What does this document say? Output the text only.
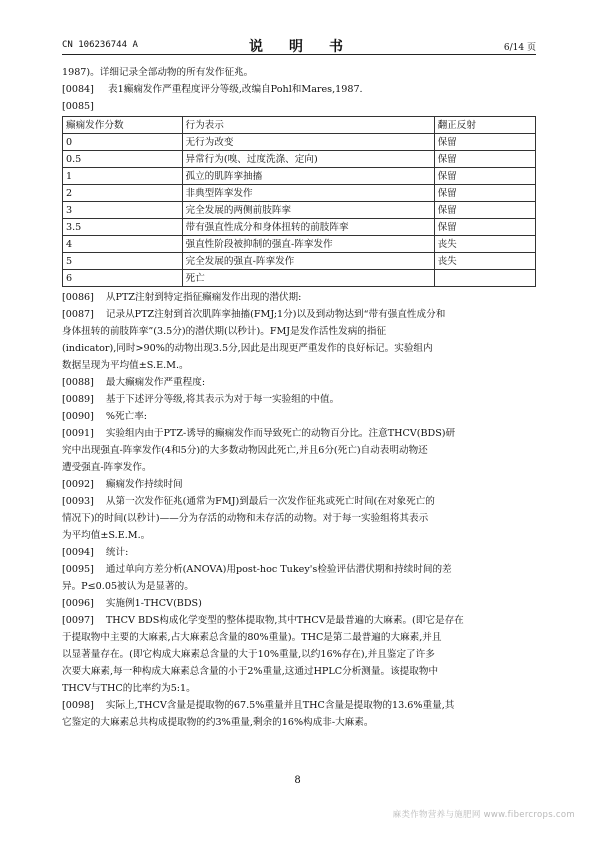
CN 106236744 A	说　明　书	6/14 页
1987)。详细记录全部动物的所有发作征兆。
[0084] 表1癫痫发作严重程度评分等级,改编自Pohl和Mares,1987.
[0085]
癫痫发作分数	行为表示	翻正反射
0	无行为改变	保留
0.5	异常行为(嗅、过度洗涤、定向)	保留
1	孤立的肌阵挛抽搐	保留
2	非典型阵挛发作	保留
3	完全发展的两侧前肢阵挛	保留
3.5	带有强直性成分和身体扭转的前肢阵挛	保留
4	强直性阶段被抑制的强直-阵挛发作	丧失
5	完全发展的强直-阵挛发作	丧失
6	死亡	
[0086] 从PTZ注射到特定指征癫痫发作出现的潜伏期:
[0087] 记录从PTZ注射到首次肌阵挛抽搐(FMJ;1分)以及到动物达到“带有强直性成分和
身体扭转的前肢阵挛”(3.5分)的潜伏期(以秒计)。FMJ是发作活性发病的指征
(indicator),同时>90%的动物出现3.5分,因此是出现更严重发作的良好标记。实验组内
数据呈现为平均值±S.E.M.。
[0088] 最大癫痫发作严重程度:
[0089] 基于下述评分等级,将其表示为对于每一实验组的中值。
[0090] %死亡率:
[0091] 实验组内由于PTZ-诱导的癫痫发作而导致死亡的动物百分比。注意THCV(BDS)研
究中出现强直-阵挛发作(4和5分)的大多数动物因此死亡,并且6分(死亡)自动表明动物还
遭受强直-阵挛发作。
[0092] 癫痫发作持续时间
[0093] 从第一次发作征兆(通常为FMJ)到最后一次发作征兆或死亡时间(在对象死亡的
情况下)的时间(以秒计)——分为存活的动物和未存活的动物。对于每一实验组将其表示
为平均值±S.E.M.。
[0094] 统计:
[0095] 通过单向方差分析(ANOVA)用post-hoc Tukey's检验评估潜伏期和持续时间的差
异。P≤0.05被认为是显著的。
[0096] 实施例1-THCV(BDS)
[0097] THCV BDS构成化学变型的整体提取物,其中THCV是最普遍的大麻素。(即它是存在
于提取物中主要的大麻素,占大麻素总含量的80%重量)。THC是第二最普遍的大麻素,并且
以显著量存在。(即它构成大麻素总含量的大于10%重量,以约16%存在),并且鉴定了许多
次要大麻素,每一种构成大麻素总含量的小于2%重量,这通过HPLC分析测量。该提取物中
THCV与THC的比率约为5:1。
[0098] 实际上,THCV含量是提取物的67.5%重量并且THC含量是提取物的13.6%重量,其
它鉴定的大麻素总共构成提取物的约3%重量,剩余的16%构成非-大麻素。
8
麻类作物营养与施肥网 www.fibercrops.com
